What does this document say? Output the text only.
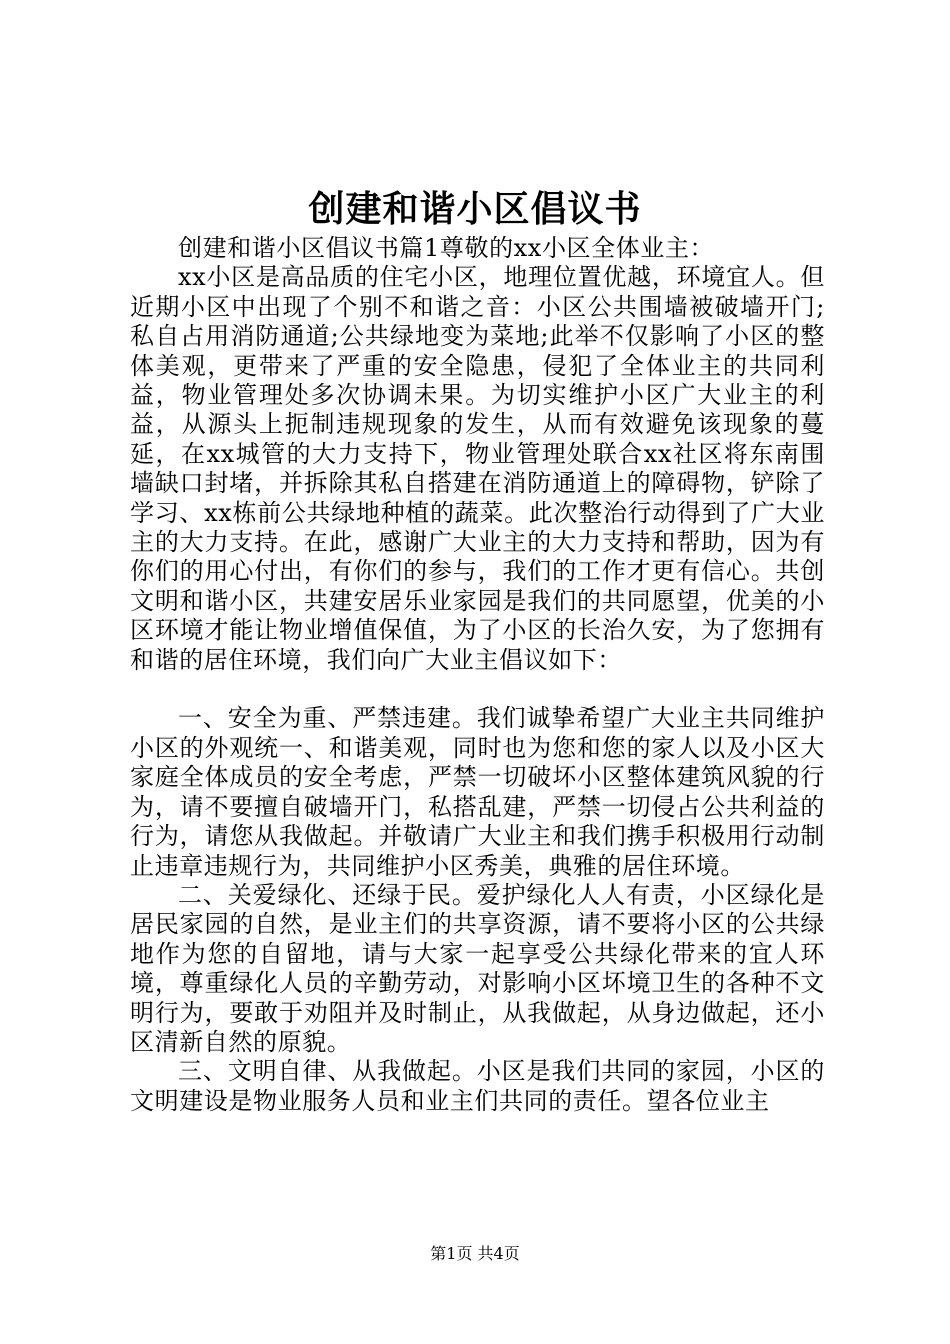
创建和谐小区倡议书

创建和谐小区倡议书篇1尊敬的xx小区全体业主：

xx小区是高品质的住宅小区，地理位置优越，环境宜人。但近期小区中出现了个别不和谐之音：小区公共围墙被破墙开门;私自占用消防通道;公共绿地变为菜地;此举不仅影响了小区的整体美观，更带来了严重的安全隐患，侵犯了全体业主的共同利益，物业管理处多次协调未果。为切实维护小区广大业主的利益，从源头上扼制违规现象的发生，从而有效避免该现象的蔓延，在xx城管的大力支持下，物业管理处联合xx社区将东南围墙缺口封堵，并拆除其私自搭建在消防通道上的障碍物，铲除了学习、xx栋前公共绿地种植的蔬菜。此次整治行动得到了广大业主的大力支持。在此，感谢广大业主的大力支持和帮助，因为有你们的用心付出，有你们的参与，我们的工作才更有信心。共创文明和谐小区，共建安居乐业家园是我们的共同愿望，优美的小区环境才能让物业增值保值，为了小区的长治久安，为了您拥有和谐的居住环境，我们向广大业主倡议如下：

一、安全为重、严禁违建。我们诚挚希望广大业主共同维护小区的外观统一、和谐美观，同时也为您和您的家人以及小区大家庭全体成员的安全考虑，严禁一切破坏小区整体建筑风貌的行为，请不要擅自破墙开门，私搭乱建，严禁一切侵占公共利益的行为，请您从我做起。并敬请广大业主和我们携手积极用行动制止违章违规行为，共同维护小区秀美，典雅的居住环境。

二、关爱绿化、还绿于民。爱护绿化人人有责，小区绿化是居民家园的自然，是业主们的共享资源，请不要将小区的公共绿地作为您的自留地，请与大家一起享受公共绿化带来的宜人环境，尊重绿化人员的辛勤劳动，对影响小区坏境卫生的各种不文明行为，要敢于劝阻并及时制止，从我做起，从身边做起，还小区清新自然的原貌。

三、文明自律、从我做起。小区是我们共同的家园，小区的文明建设是物业服务人员和业主们共同的责任。望各位业主

第1页 共4页
